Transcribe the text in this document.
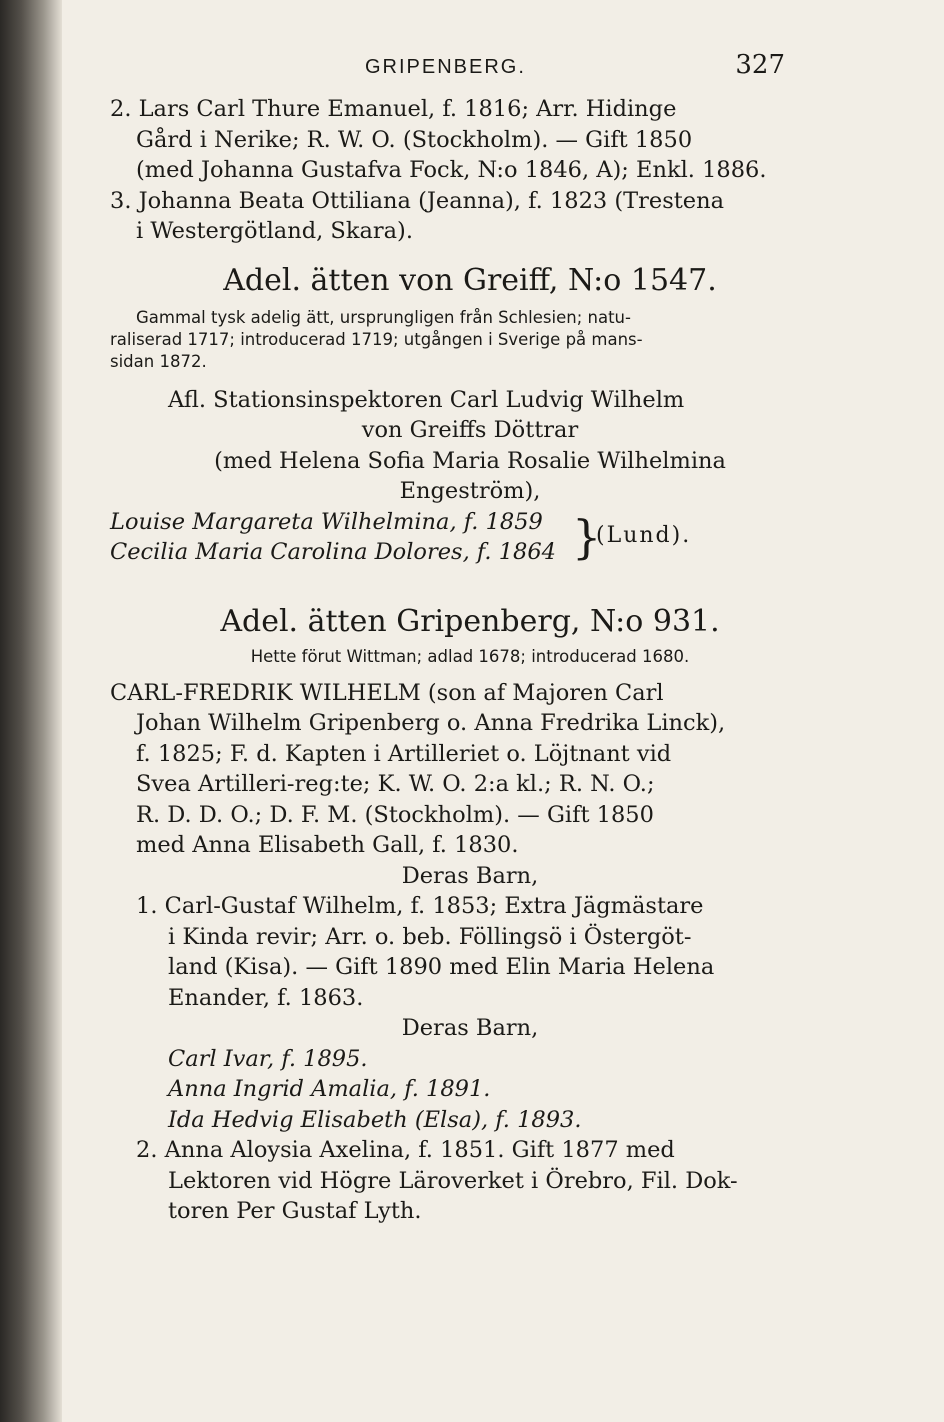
GRIPENBERG.	327

2. Lars Carl Thure Emanuel, f. 1816; Arr. Hidinge

Gård i Nerike; R. W. O. (Stockholm). — Gift 1850

(med Johanna Gustafva Fock, N:o 1846, A); Enkl. 1886.

3. Johanna Beata Ottiliana (Jeanna), f. 1823 (Trestena

i Westergötland, Skara).

Adel. ätten von Greiff, N:o 1547.

Gammal tysk adelig ätt, ursprungligen från Schlesien; natu-

raliserad 1717; introducerad 1719; utgången i Sverige på mans-

sidan 1872.

Afl. Stationsinspektoren Carl Ludvig Wilhelm

von Greiffs Döttrar

(med Helena Sofia Maria Rosalie Wilhelmina

Engeström),

Louise Margareta Wilhelmina, f. 1859

Cecilia Maria Carolina Dolores, f. 1864 }
(Lund).

Adel. ätten Gripenberg, N:o 931.

Hette förut Wittman; adlad 1678; introducerad 1680.

CARL-FREDRIK WILHELM (son af Majoren Carl

Johan Wilhelm Gripenberg o. Anna Fredrika Linck),

f. 1825; F. d. Kapten i Artilleriet o. Löjtnant vid

Svea Artilleri-reg:te; K. W. O. 2:a kl.; R. N. O.;

R. D. D. O.; D. F. M. (Stockholm). — Gift 1850

med Anna Elisabeth Gall, f. 1830.

Deras Barn,

1. Carl-Gustaf Wilhelm, f. 1853; Extra Jägmästare

i Kinda revir; Arr. o. beb. Föllingsö i Östergöt-

land (Kisa). — Gift 1890 med Elin Maria Helena

Enander, f. 1863.

Deras Barn,

Carl Ivar, f. 1895.

Anna Ingrid Amalia, f. 1891.

Ida Hedvig Elisabeth (Elsa), f. 1893.

2. Anna Aloysia Axelina, f. 1851. Gift 1877 med

Lektoren vid Högre Läroverket i Örebro, Fil. Dok-

toren Per Gustaf Lyth.
